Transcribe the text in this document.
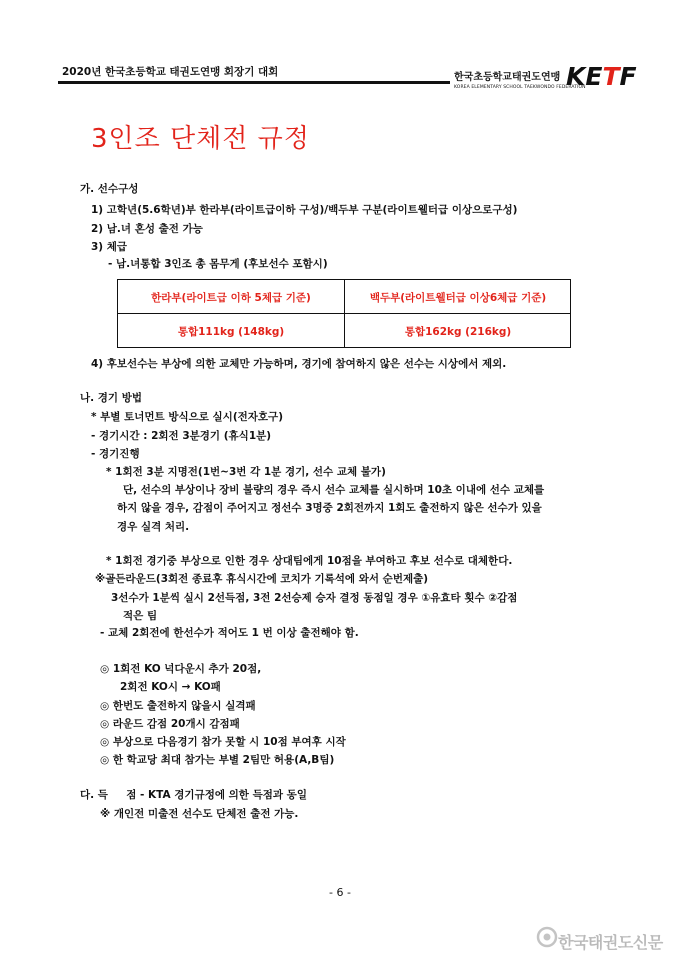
2020년 한국초등학교 태권도연맹 회장기 대회	한국초등학교태권도연맹
KOREA ELEMENTARY SCHOOL TAEKWONDO FEDERATION
KETF
3인조 단체전 규정
가. 선수구성
1) 고학년(5.6학년)부 한라부(라이트급이하 구성)/백두부 구분(라이트웰터급 이상으로구성)
2) 남.녀 혼성 출전 가능
3) 체급
- 남.녀통합 3인조 총 몸무게 (후보선수 포함시)
한라부(라이트급 이하 5체급 기준)	백두부(라이트웰터급 이상6체급 기준)
통합111kg (148kg)	통합162kg (216kg)
4) 후보선수는 부상에 의한 교체만 가능하며, 경기에 참여하지 않은 선수는 시상에서 제외.
나. 경기 방법
* 부별 토너먼트 방식으로 실시(전자호구)
- 경기시간 : 2회전 3분경기 (휴식1분)
- 경기진행
* 1회전 3분 지명전(1번~3번 각 1분 경기, 선수 교체 불가)
단, 선수의 부상이나 장비 불량의 경우 즉시 선수 교체를 실시하며 10초 이내에 선수 교체를
하지 않을 경우, 감점이 주어지고 정선수 3명중 2회전까지 1회도 출전하지 않은 선수가 있을
경우 실격 처리.
* 1회전 경기중 부상으로 인한 경우 상대팀에게 10점을 부여하고 후보 선수로 대체한다.
※골든라운드(3회전 종료후 휴식시간에 코치가 기록석에 와서 순번제출)
3선수가 1분씩 실시 2선득점, 3전 2선승제 승자 결정 동점일 경우 ①유효타 횟수 ②감점
적은 팀
- 교체 2회전에 한선수가 적어도 1 번 이상 출전해야 함.
◎ 1회전 KO 넉다운시 추가 20점,
2회전 KO시 → KO패
◎ 한번도 출전하지 않을시 실격패
◎ 라운드 감점 20개시 감점패
◎ 부상으로 다음경기 참가 못할 시 10점 부여후 시작
◎ 한 학교당 최대 참가는 부별 2팀만 허용(A,B팀)
다. 득     점 - KTA 경기규정에 의한 득점과 동일
※ 개인전 미출전 선수도 단체전 출전 가능.
- 6 -
한국태권도신문
